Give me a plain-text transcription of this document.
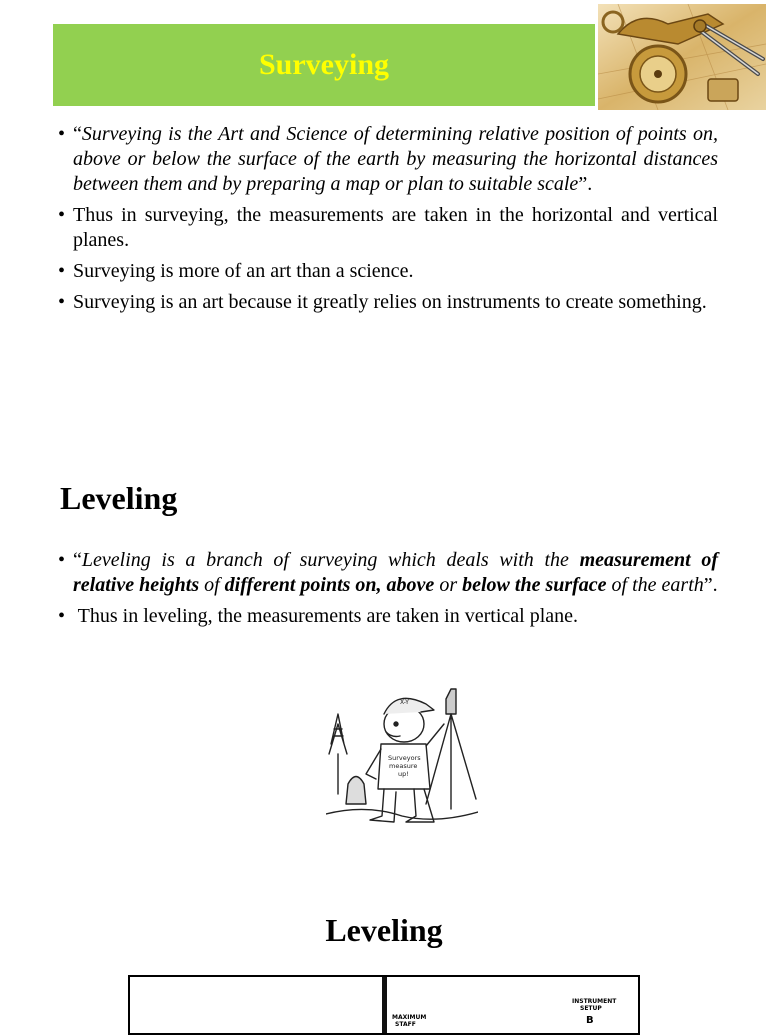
Surveying
• “Surveying is the Art and Science of determining relative position of points on, above or below the surface of the earth by measuring the horizontal distances between them and by preparing a map or plan to suitable scale”.
• Thus in surveying, the measurements are taken in the horizontal and vertical planes.
• Surveying is more of an art than a science.
• Surveying is an art because it greatly relies on instruments to create something.
Leveling
• “Leveling is a branch of surveying which deals with the measurement of relative heights of different points on, above or below the surface of the earth”.
• Thus in leveling, the measurements are taken in vertical plane.
X-Y
Surveyors
measure
up!
Leveling
MAXIMUM
STAFF
INSTRUMENT
SETUP
B
